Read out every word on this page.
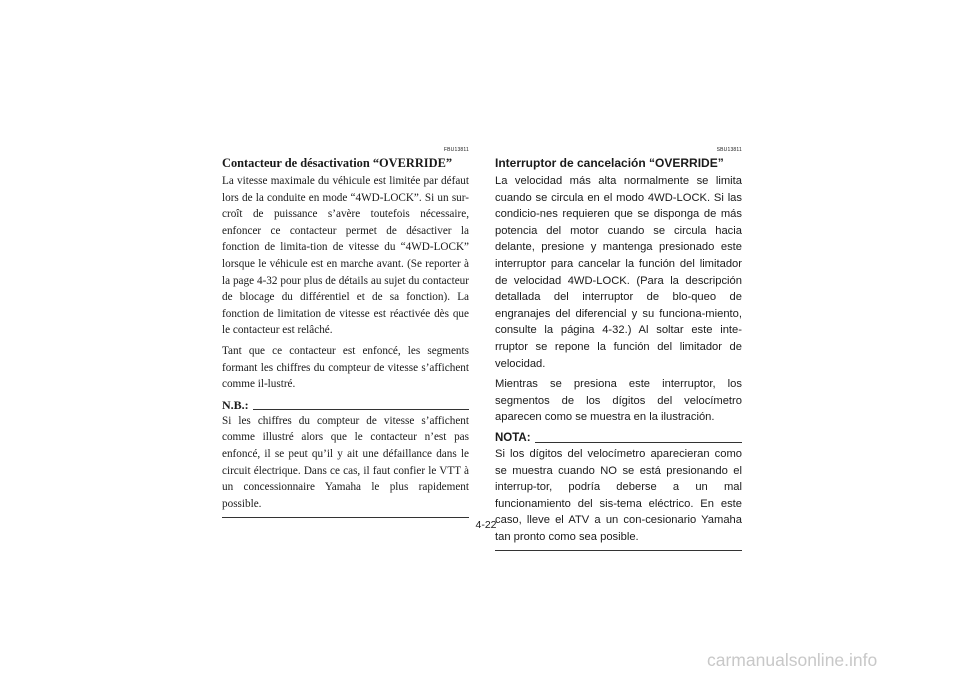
FBU13811
Contacteur de désactivation “OVERRIDE”

La vitesse maximale du véhicule est limitée par défaut lors de la conduite en mode “4WD-LOCK”. Si un sur-croît de puissance s’avère toutefois nécessaire, enfoncer ce contacteur permet de désactiver la fonction de limita-tion de vitesse du “4WD-LOCK” lorsque le véhicule est en marche avant. (Se reporter à la page 4-32 pour plus de détails au sujet du contacteur de blocage du différentiel et de sa fonction). La fonction de limitation de vitesse est réactivée dès que le contacteur est relâché.

Tant que ce contacteur est enfoncé, les segments formant les chiffres du compteur de vitesse s’affichent comme il-lustré.

N.B.:

Si les chiffres du compteur de vitesse s’affichent comme illustré alors que le contacteur n’est pas enfoncé, il se peut qu’il y ait une défaillance dans le circuit électrique. Dans ce cas, il faut confier le VTT à un concessionnaire Yamaha le plus rapidement possible.

SBU13811
Interruptor de cancelación “OVERRIDE”

La velocidad más alta normalmente se limita cuando se circula en el modo 4WD-LOCK. Si las condicio-nes requieren que se disponga de más potencia del motor cuando se circula hacia delante, presione y mantenga presionado este interruptor para cancelar la función del limitador de velocidad 4WD-LOCK. (Para la descripción detallada del interruptor de blo-queo de engranajes del diferencial y su funciona-miento, consulte la página 4-32.) Al soltar este inte-rruptor se repone la función del limitador de velocidad.

Mientras se presiona este interruptor, los segmentos de los dígitos del velocímetro aparecen como se muestra en la ilustración.

NOTA:

Si los dígitos del velocímetro aparecieran como se muestra cuando NO se está presionando el interrup-tor, podría deberse a un mal funcionamiento del sis-tema eléctrico. En este caso, lleve el ATV a un con-cesionario Yamaha tan pronto como sea posible.

4-22
carmanualsonline.info
